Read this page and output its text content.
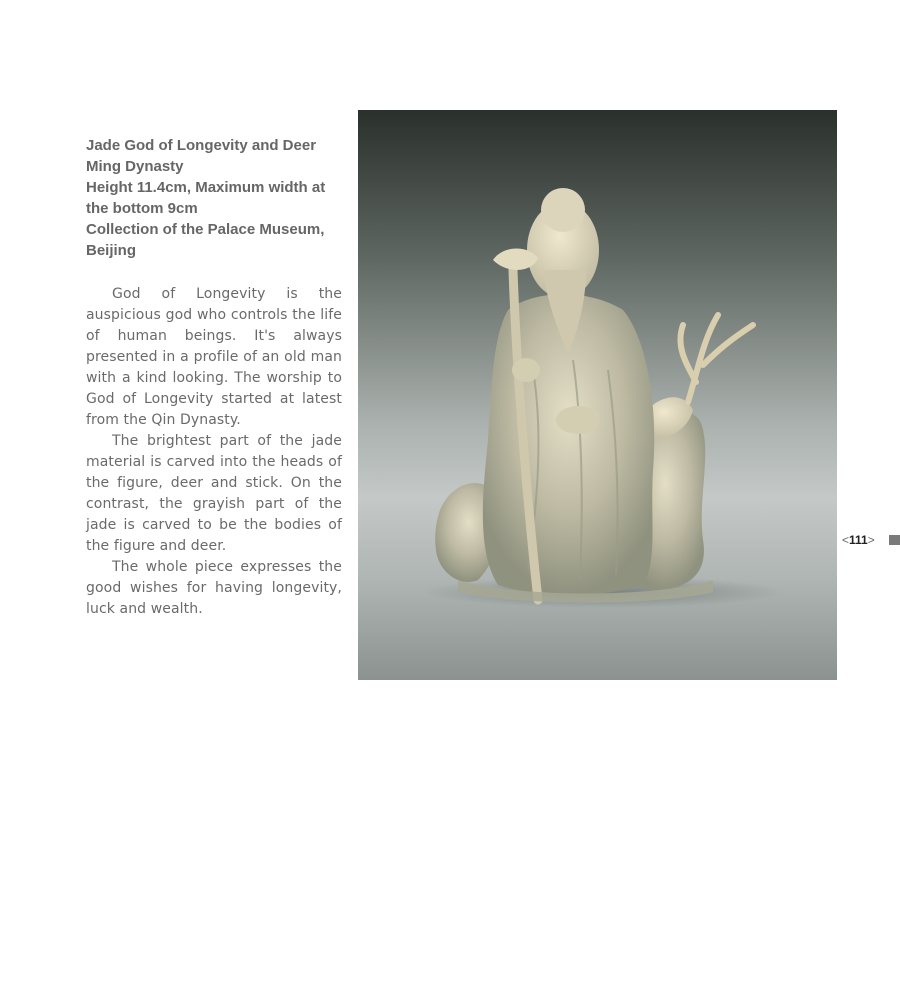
Jade God of Longevity and Deer
Ming Dynasty
Height 11.4cm, Maximum width at
the bottom 9cm
Collection of the Palace Museum,
Beijing

God of Longevity is the auspicious god who controls the life of human beings. It's always presented in a profile of an old man with a kind looking. The worship to God of Longevity started at latest from the Qin Dynasty.

The brightest part of the jade material is carved into the heads of the figure, deer and stick. On the contrast, the grayish part of the jade is carved to be the bodies of the figure and deer.

The whole piece expresses the good wishes for having longevity, luck and wealth.

<111>
